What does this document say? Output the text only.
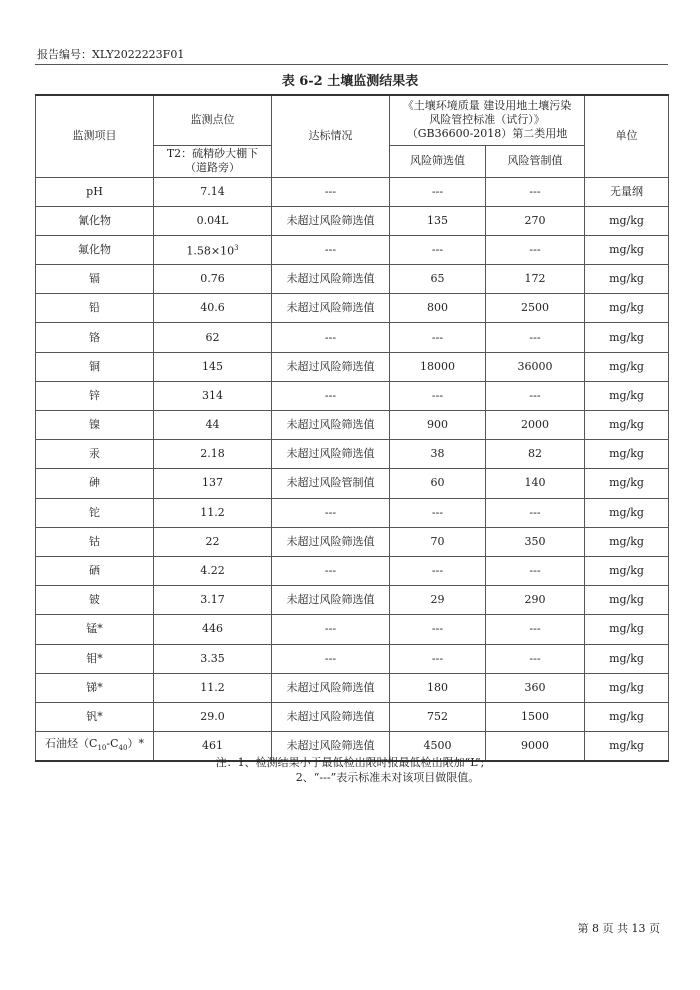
报告编号：XLY2022223F01
表 6-2 土壤监测结果表
监测项目	监测点位	达标情况	《土壤环境质量 建设用地土壤污染风险管控标准（试行）》（GB36600-2018）第二类用地		单位
	T2：硫精砂大棚下（道路旁）		风险筛选值	风险管制值	
pH	7.14	---	---	---	无量纲
氰化物	0.04L	未超过风险筛选值	135	270	mg/kg
氟化物	$1.58\times 10^3$	---	---	---	mg/kg
镉	0.76	未超过风险筛选值	65	172	mg/kg
铅	40.6	未超过风险筛选值	800	2500	mg/kg
铬	62	---	---	---	mg/kg
铜	145	未超过风险筛选值	18000	36000	mg/kg
锌	314	---	---	---	mg/kg
镍	44	未超过风险筛选值	900	2000	mg/kg
汞	2.18	未超过风险筛选值	38	82	mg/kg
砷	137	未超过风险管制值	60	140	mg/kg
铊	11.2	---	---	---	mg/kg
钴	22	未超过风险筛选值	70	350	mg/kg
硒	4.22	---	---	---	mg/kg
铍	3.17	未超过风险筛选值	29	290	mg/kg
锰*	446	---	---	---	mg/kg
钼*	3.35	---	---	---	mg/kg
锑*	11.2	未超过风险筛选值	180	360	mg/kg
钒*	29.0	未超过风险筛选值	752	1500	mg/kg
石油烃$(C_{10}-C_{40})*$	461	未超过风险筛选值	4500	9000	mg/kg
注：1、检测结果小于最低检出限时报最低检出限加“L”;
2、“---”表示标准未对该项目做限值。
第 8 页 共 13 页
